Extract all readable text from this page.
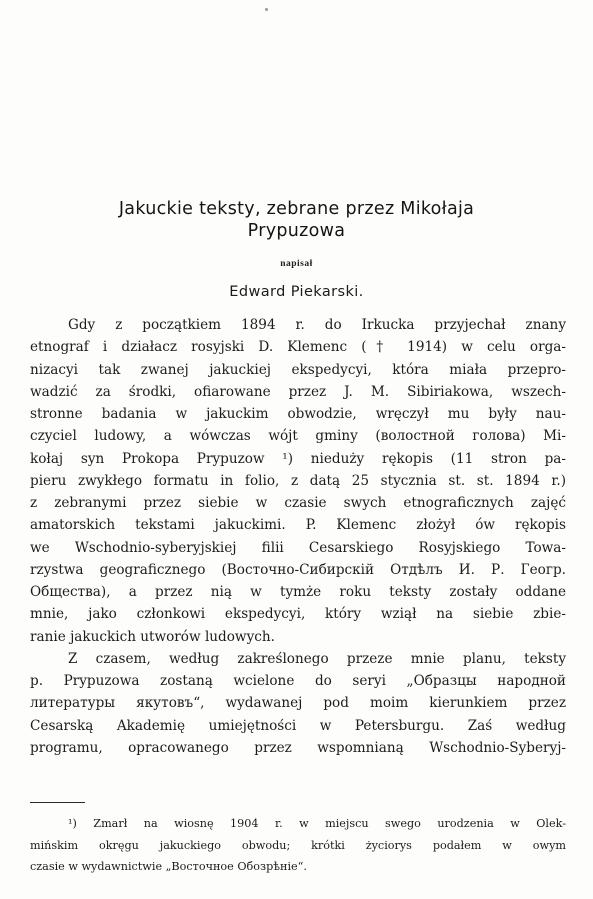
Jakuckie teksty, zebrane przez Mikołaja
Prypuzowa
napisał
Edward Piekarski.
Gdy z początkiem 1894 r. do Irkucka przyjechał znany
etnograf i działacz rosyjski D. Klemenc († 1914) w celu orga-
nizacyi tak zwanej jakuckiej ekspedycyi, która miała przepro-
wadzić za środki, ofiarowane przez J. M. Sibiriakowa, wszech-
stronne badania w jakuckim obwodzie, wręczył mu były nau-
czyciel ludowy, a wówczas wójt gminy (волостной голова) Mi-
kołaj syn Prokopa Prypuzow ¹) nieduży rękopis (11 stron pa-
pieru zwykłego formatu in folio, z datą 25 stycznia st. st. 1894 r.)
z zebranymi przez siebie w czasie swych etnograficznych zajęć
amatorskich tekstami jakuckimi. P. Klemenc złożył ów rękopis
we Wschodnio-syberyjskiej filii Cesarskiego Rosyjskiego Towa-
rzystwa geograficznego (Восточно-Сибирскій Отдѣлъ И. Р. Геогр.
Общества), a przez nią w tymże roku teksty zostały oddane
mnie, jako członkowi ekspedycyi, który wziął na siebie zbie-
ranie jakuckich utworów ludowych.
Z czasem, według zakreślonego przeze mnie planu, teksty
p. Prypuzowa zostaną wcielone do seryi „Образцы народной
литературы якутовъ“, wydawanej pod moim kierunkiem przez
Cesarską Akademię umiejętności w Petersburgu. Zaś według
programu, opracowanego przez wspomnianą Wschodnio-Syberyj-
¹) Zmarł na wiosnę 1904 r. w miejscu swego urodzenia w Olek-
mińskim okręgu jakuckiego obwodu; krótki życiorys podałem w owym
czasie w wydawnictwie „Восточное Обозрѣніе“.
